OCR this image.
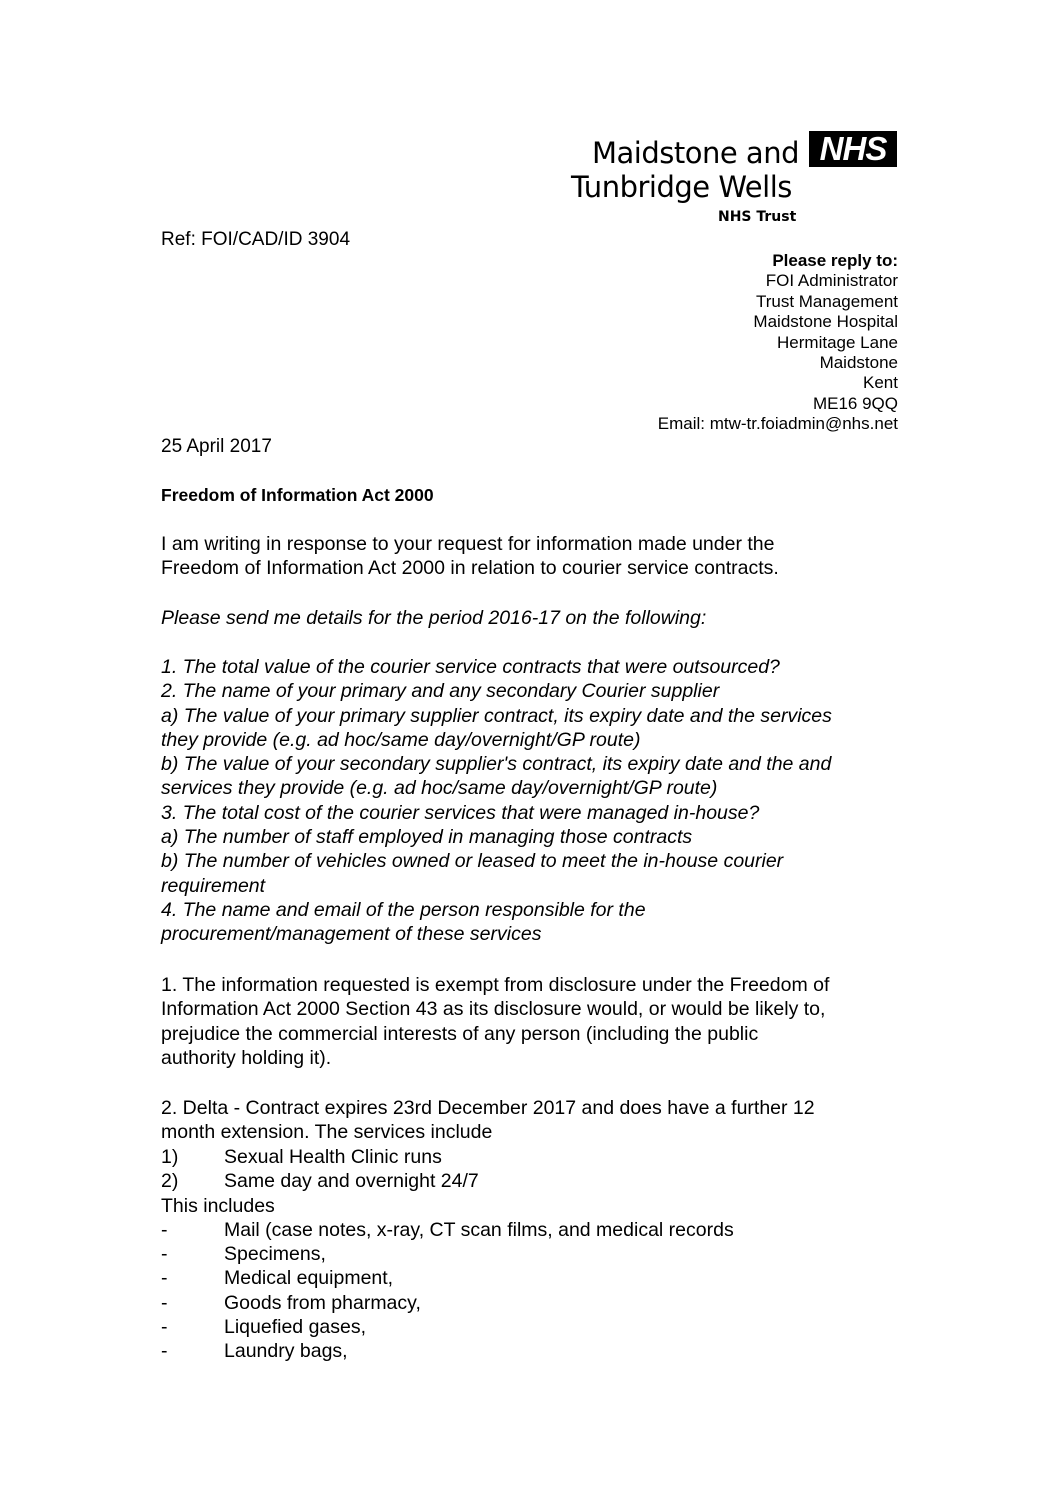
Maidstone and NHS
Tunbridge Wells
NHS Trust
Ref: FOI/CAD/ID 3904
Please reply to:
FOI Administrator
Trust Management
Maidstone Hospital
Hermitage Lane
Maidstone
Kent
ME16 9QQ
Email: mtw-tr.foiadmin@nhs.net
25 April 2017
Freedom of Information Act 2000
I am writing in response to your request for information made under the
Freedom of Information Act 2000 in relation to courier service contracts.
Please send me details for the period 2016-17 on the following:
1. The total value of the courier service contracts that were outsourced?
2. The name of your primary and any secondary Courier supplier
a) The value of your primary supplier contract, its expiry date and the services
they provide (e.g. ad hoc/same day/overnight/GP route)
b) The value of your secondary supplier's contract, its expiry date and the and
services they provide (e.g. ad hoc/same day/overnight/GP route)
3. The total cost of the courier services that were managed in-house?
a) The number of staff employed in managing those contracts
b) The number of vehicles owned or leased to meet the in-house courier
requirement
4. The name and email of the person responsible for the
procurement/management of these services
1. The information requested is exempt from disclosure under the Freedom of
Information Act 2000 Section 43 as its disclosure would, or would be likely to,
prejudice the commercial interests of any person (including the public
authority holding it).
2. Delta - Contract expires 23rd December 2017 and does have a further 12
month extension. The services include
1) Sexual Health Clinic runs
2) Same day and overnight 24/7
This includes
-	Mail (case notes, x-ray, CT scan films, and medical records
-	Specimens,
-	Medical equipment,
-	Goods from pharmacy,
-	Liquefied gases,
-	Laundry bags,
